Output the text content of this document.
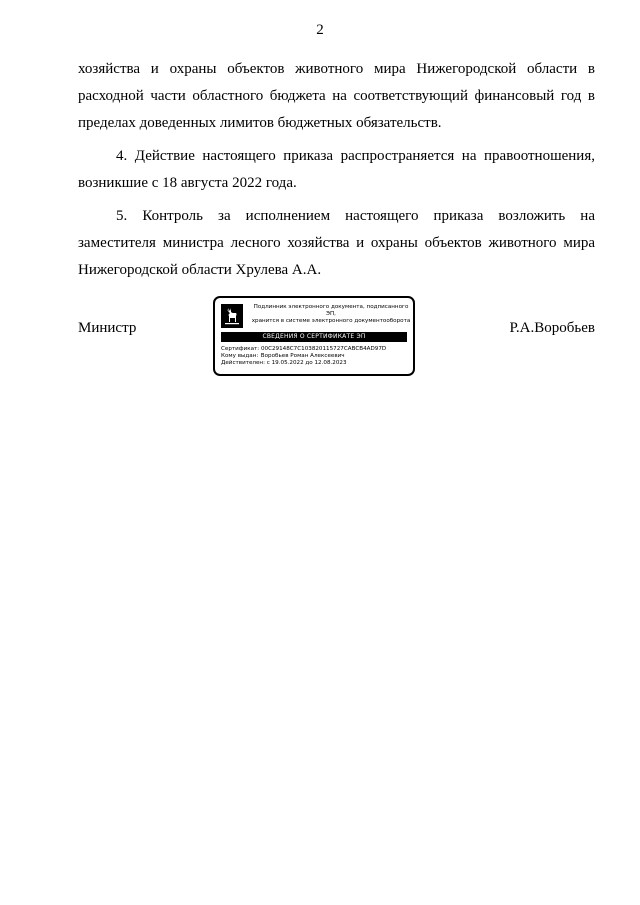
2

хозяйства и охраны объектов животного мира Нижегородской области в расходной части областного бюджета на соответствующий финансовый год в пределах доведенных лимитов бюджетных обязательств.

4. Действие настоящего приказа распространяется на правоотношения, возникшие с 18 августа 2022 года.

5. Контроль за исполнением настоящего приказа возложить на заместителя министра лесного хозяйства и охраны объектов животного мира Нижегородской области Хрулева А.А.

Министр
Подлинник электронного документа, подписанного ЭП,
хранится в системе электронного документооборота
СВЕДЕНИЯ О СЕРТИФИКАТЕ ЭП
Сертификат: 00C29148C7C103820115727CABCB4AD97D
Кому выдан: Воробьев Роман Алексеевич
Действителен: с 19.05.2022 до 12.08.2023
Р.А.Воробьев
